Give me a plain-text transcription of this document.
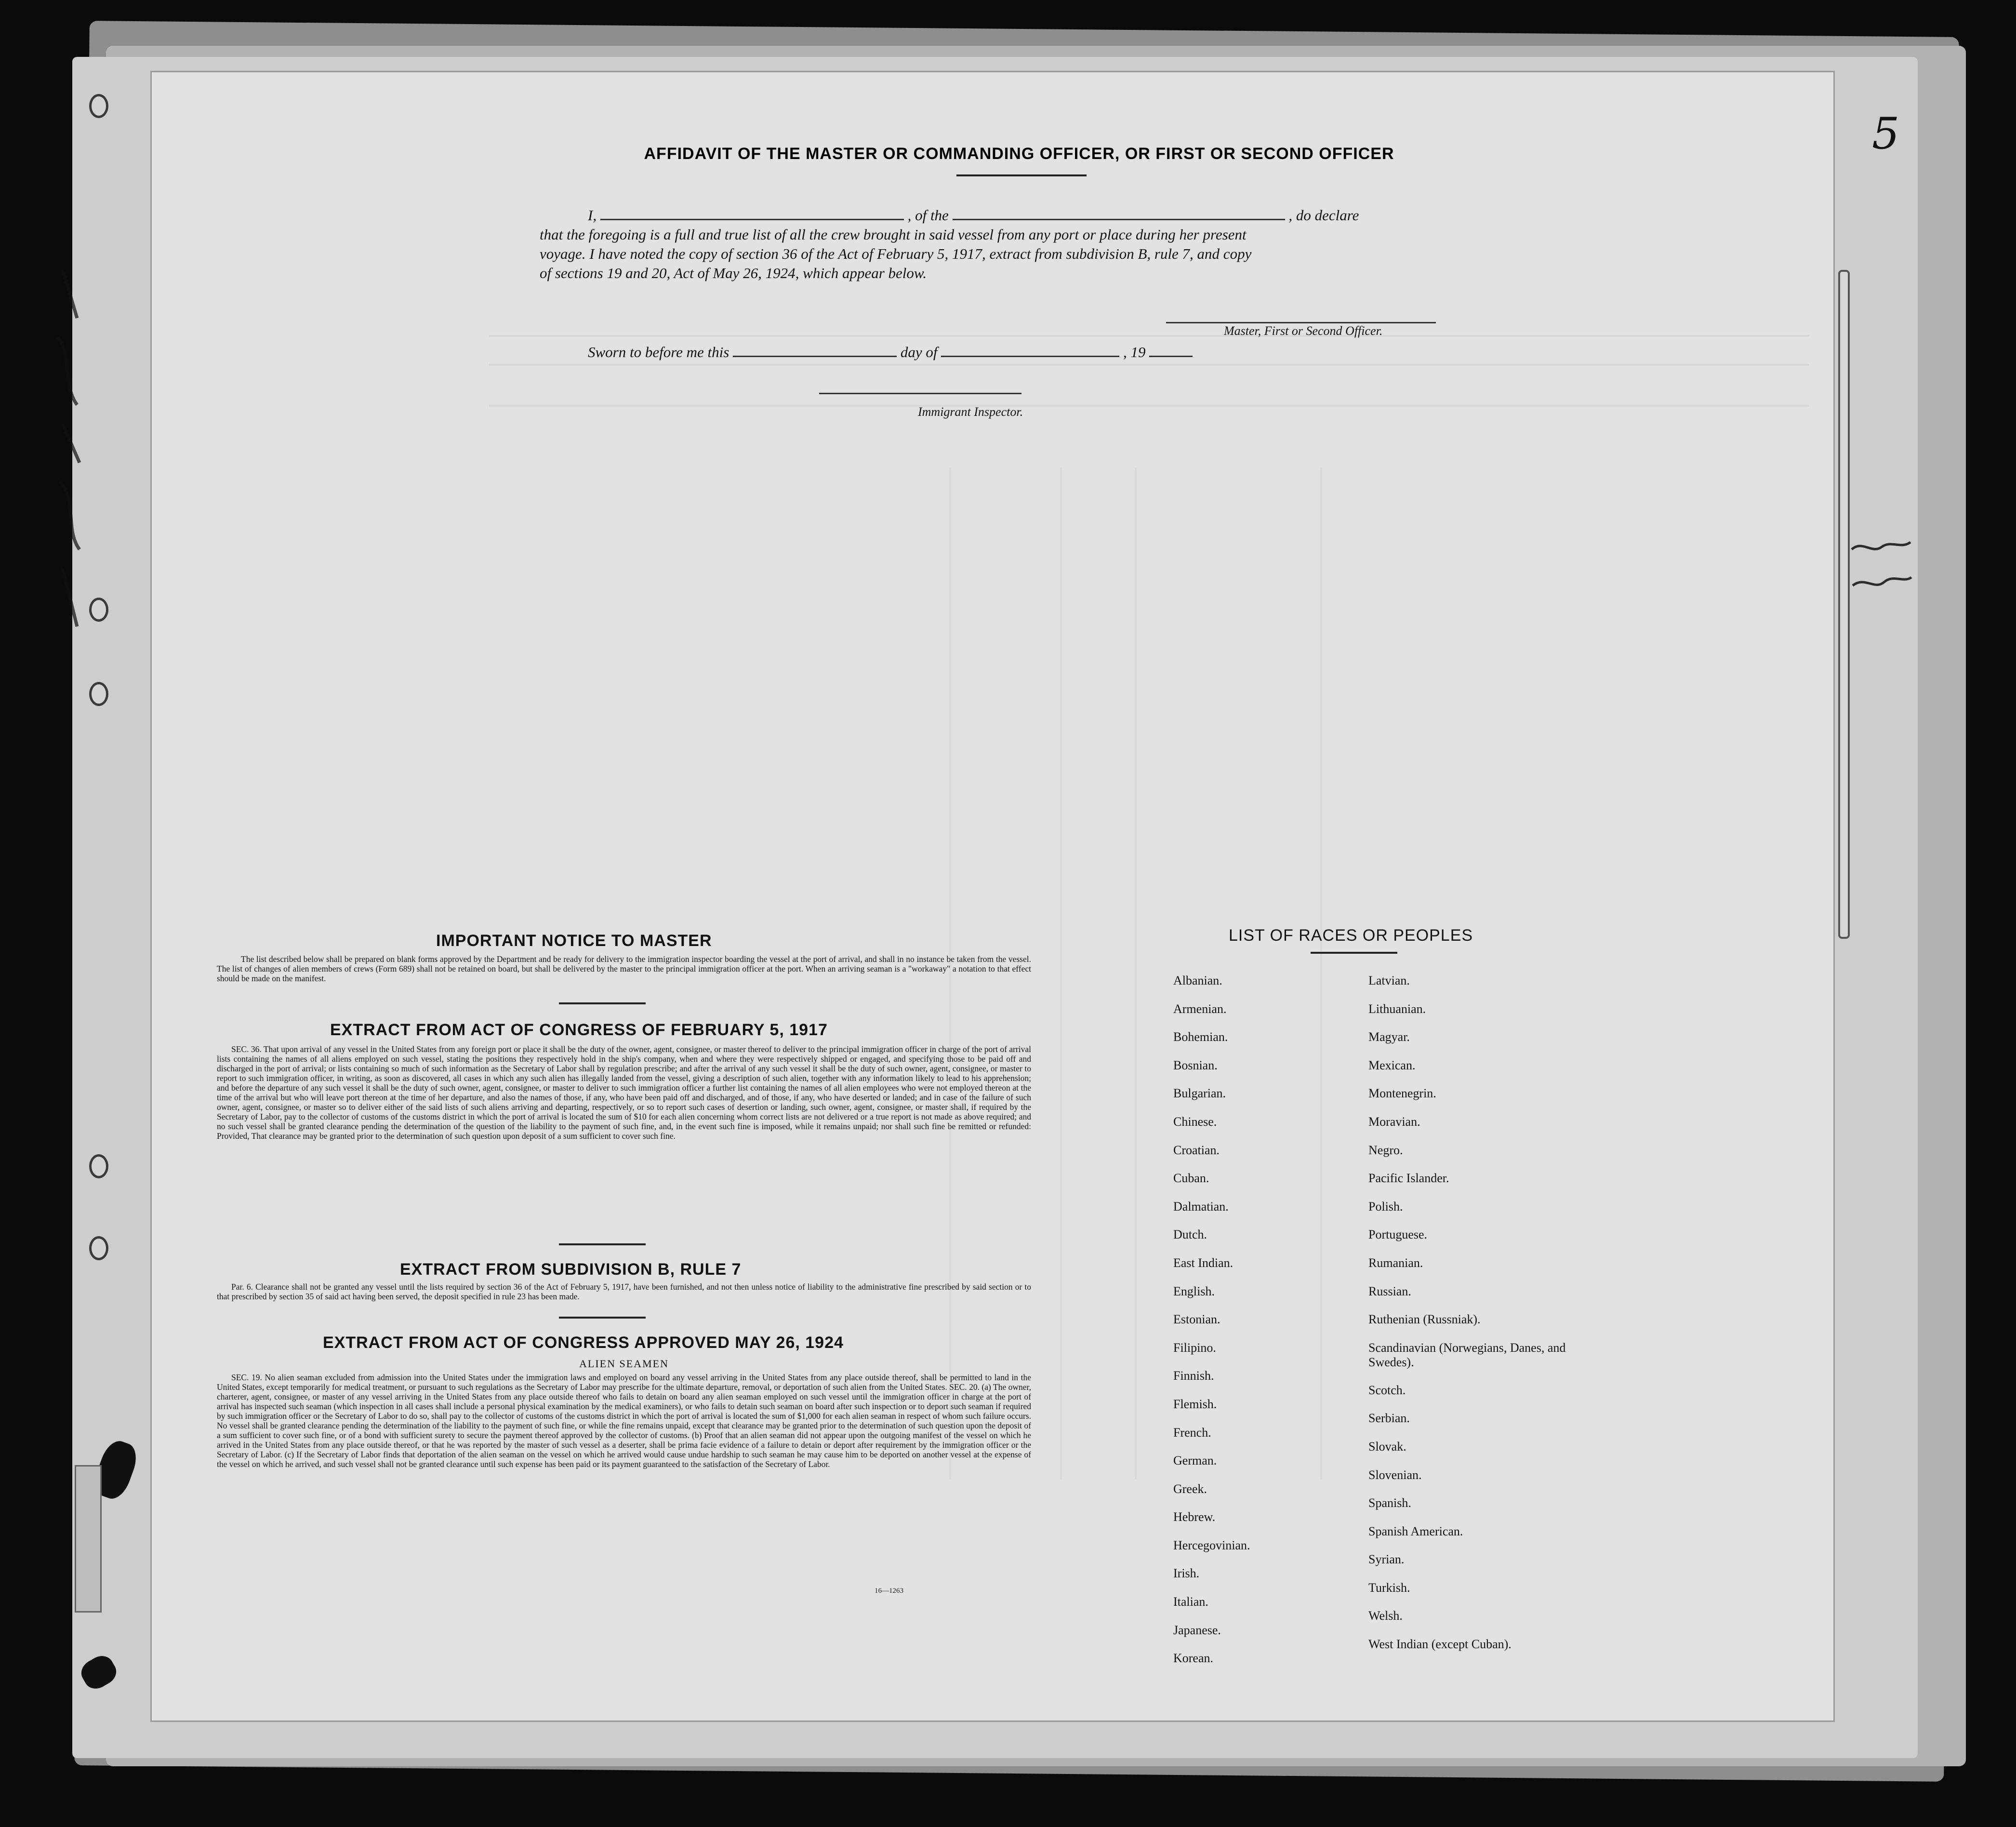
5
AFFIDAVIT OF THE MASTER OR COMMANDING OFFICER, OR FIRST OR SECOND OFFICER
I,	, of the	, do declare
that the foregoing is a full and true list of all the crew brought in said vessel from any port or place during her present
voyage. I have noted the copy of section 36 of the Act of February 5, 1917, extract from subdivision B, rule 7, and copy
of sections 19 and 20, Act of May 26, 1924, which appear below.
Master, First or Second Officer.
Sworn to before me this	day of	, 19
Immigrant Inspector.
IMPORTANT NOTICE TO MASTER
The list described below shall be prepared on blank forms approved by the Department and be ready for delivery to the immigration inspector boarding the vessel at the port of arrival, and shall in no instance be taken from the vessel. The list of changes of alien members of crews (Form 689) shall not be retained on board, but shall be delivered by the master to the principal immigration officer at the port. When an arriving seaman is a "workaway" a notation to that effect should be made on the manifest.
EXTRACT FROM ACT OF CONGRESS OF FEBRUARY 5, 1917
SEC. 36. That upon arrival of any vessel in the United States from any foreign port or place it shall be the duty of the owner, agent, consignee, or master thereof to deliver to the principal immigration officer in charge of the port of arrival lists containing the names of all aliens employed on such vessel, stating the positions they respectively hold in the ship's company, when and where they were respectively shipped or engaged, and specifying those to be paid off and discharged in the port of arrival; or lists containing so much of such information as the Secretary of Labor shall by regulation prescribe; and after the arrival of any such vessel it shall be the duty of such owner, agent, consignee, or master to report to such immigration officer, in writing, as soon as discovered, all cases in which any such alien has illegally landed from the vessel, giving a description of such alien, together with any information likely to lead to his apprehension; and before the departure of any such vessel it shall be the duty of such owner, agent, consignee, or master to deliver to such immigration officer a further list containing the names of all alien employees who were not employed thereon at the time of the arrival but who will leave port thereon at the time of her departure, and also the names of those, if any, who have been paid off and discharged, and of those, if any, who have deserted or landed; and in case of the failure of such owner, agent, consignee, or master so to deliver either of the said lists of such aliens arriving and departing, respectively, or so to report such cases of desertion or landing, such owner, agent, consignee, or master shall, if required by the Secretary of Labor, pay to the collector of customs of the customs district in which the port of arrival is located the sum of $10 for each alien concerning whom correct lists are not delivered or a true report is not made as above required; and no such vessel shall be granted clearance pending the determination of the question of the liability to the payment of such fine, and, in the event such fine is imposed, while it remains unpaid; nor shall such fine be remitted or refunded: Provided, That clearance may be granted prior to the determination of such question upon deposit of a sum sufficient to cover such fine.
EXTRACT FROM SUBDIVISION B, RULE 7
Par. 6. Clearance shall not be granted any vessel until the lists required by section 36 of the Act of February 5, 1917, have been furnished, and not then unless notice of liability to the administrative fine prescribed by said section or to that prescribed by section 35 of said act having been served, the deposit specified in rule 23 has been made.
EXTRACT FROM ACT OF CONGRESS APPROVED MAY 26, 1924
ALIEN SEAMEN
SEC. 19. No alien seaman excluded from admission into the United States under the immigration laws and employed on board any vessel arriving in the United States from any place outside thereof, shall be permitted to land in the United States, except temporarily for medical treatment, or pursuant to such regulations as the Secretary of Labor may prescribe for the ultimate departure, removal, or deportation of such alien from the United States. SEC. 20. (a) The owner, charterer, agent, consignee, or master of any vessel arriving in the United States from any place outside thereof who fails to detain on board any alien seaman employed on such vessel until the immigration officer in charge at the port of arrival has inspected such seaman (which inspection in all cases shall include a personal physical examination by the medical examiners), or who fails to detain such seaman on board after such inspection or to deport such seaman if required by such immigration officer or the Secretary of Labor to do so, shall pay to the collector of customs of the customs district in which the port of arrival is located the sum of $1,000 for each alien seaman in respect of whom such failure occurs. No vessel shall be granted clearance pending the determination of the liability to the payment of such fine, or while the fine remains unpaid, except that clearance may be granted prior to the determination of such question upon the deposit of a sum sufficient to cover such fine, or of a bond with sufficient surety to secure the payment thereof approved by the collector of customs. (b) Proof that an alien seaman did not appear upon the outgoing manifest of the vessel on which he arrived in the United States from any place outside thereof, or that he was reported by the master of such vessel as a deserter, shall be prima facie evidence of a failure to detain or deport after requirement by the immigration officer or the Secretary of Labor. (c) If the Secretary of Labor finds that deportation of the alien seaman on the vessel on which he arrived would cause undue hardship to such seaman he may cause him to be deported on another vessel at the expense of the vessel on which he arrived, and such vessel shall not be granted clearance until such expense has been paid or its payment guaranteed to the satisfaction of the Secretary of Labor.
16—1263
LIST OF RACES OR PEOPLES
Albanian.
Armenian.
Bohemian.
Bosnian.
Bulgarian.
Chinese.
Croatian.
Cuban.
Dalmatian.
Dutch.
East Indian.
English.
Estonian.
Filipino.
Finnish.
Flemish.
French.
German.
Greek.
Hebrew.
Hercegovinian.
Irish.
Italian.
Japanese.
Korean.
Latvian.
Lithuanian.
Magyar.
Mexican.
Montenegrin.
Moravian.
Negro.
Pacific Islander.
Polish.
Portuguese.
Rumanian.
Russian.
Ruthenian (Russniak).
Scandinavian (Norwegians, Danes, and Swedes).
Scotch.
Serbian.
Slovak.
Slovenian.
Spanish.
Spanish American.
Syrian.
Turkish.
Welsh.
West Indian (except Cuban).
